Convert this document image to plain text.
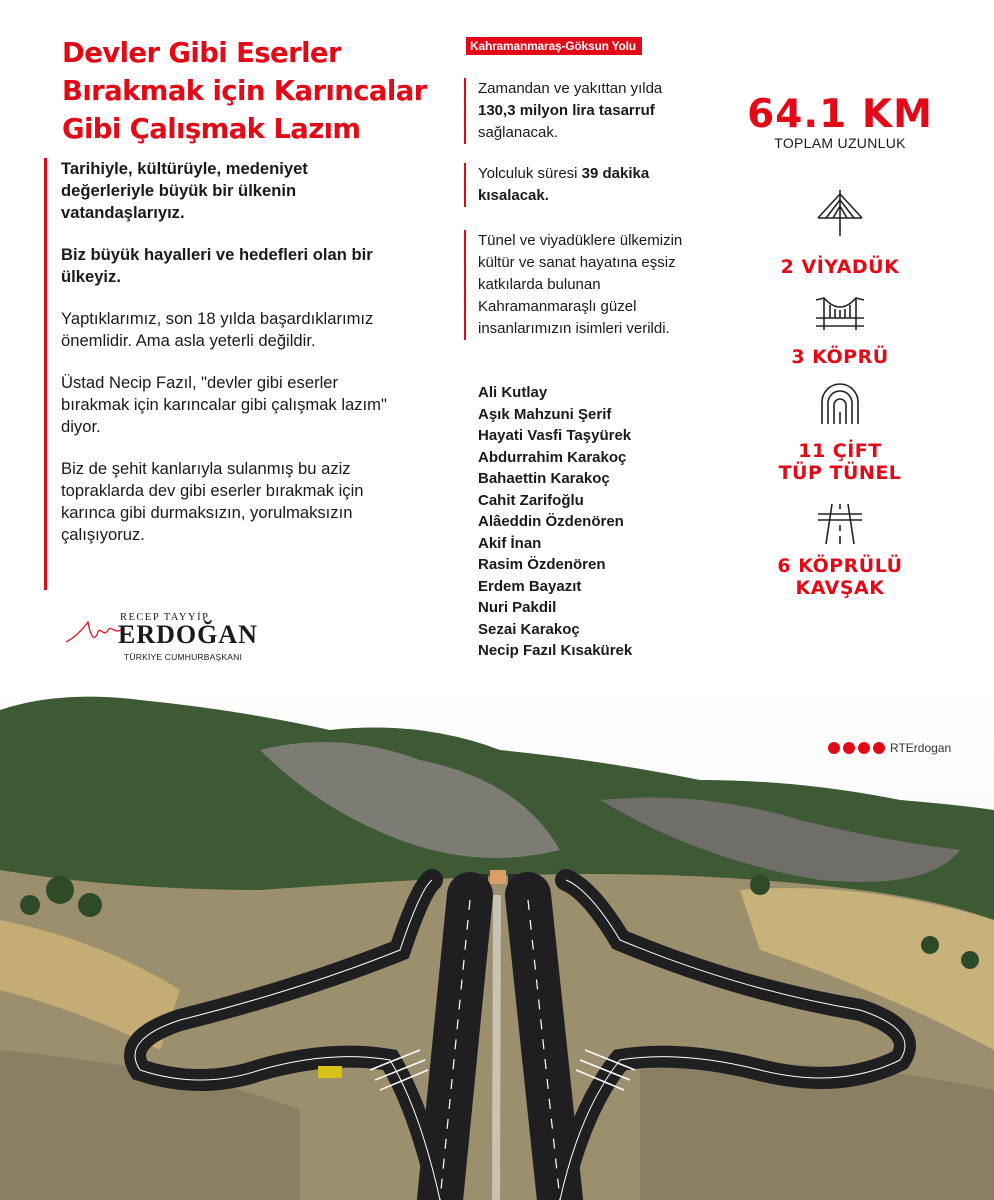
Devler Gibi Eserler
Bırakmak için Karıncalar
Gibi Çalışmak Lazım

Tarihiyle, kültürüyle, medeniyet değerleriyle büyük bir ülkenin vatandaşlarıyız.

Biz büyük hayalleri ve hedefleri olan bir ülkeyiz.

Yaptıklarımız, son 18 yılda başardıklarımız önemlidir. Ama asla yeterli değildir.

Üstad Necip Fazıl, "devler gibi eserler bırakmak için karıncalar gibi çalışmak lazım" diyor.

Biz de şehit kanlarıyla sulanmış bu aziz topraklarda dev gibi eserler bırakmak için karınca gibi durmaksızın, yorulmaksızın çalışıyoruz.

RECEP TAYYİP
ERDOĞAN
TÜRKİYE CUMHURBAŞKANI
Kahramanmaraş-Göksun Yolu
Zamandan ve yakıttan yılda
130,3 milyon lira tasarruf
sağlanacak.
Yolculuk süresi 39 dakika
kısalacak.
Tünel ve viyadüklere ülkemizin kültür ve sanat hayatına eşsiz katkılarda bulunan Kahramanmaraşlı güzel insanlarımızın isimleri verildi.
Ali Kutlay
Aşık Mahzuni Şerif
Hayati Vasfi Taşyürek
Abdurrahim Karakoç
Bahaettin Karakoç
Cahit Zarifoğlu
Alâeddin Özdenören
Akif İnan
Rasim Özdenören
Erdem Bayazıt
Nuri Pakdil
Sezai Karakoç
Necip Fazıl Kısakürek
64.1 KM
TOPLAM UZUNLUK
2 VİYADÜK
3 KÖPRÜ
11 ÇİFT
TÜP TÜNEL
6 KÖPRÜLÜ
KAVŞAK
RTErdogan
